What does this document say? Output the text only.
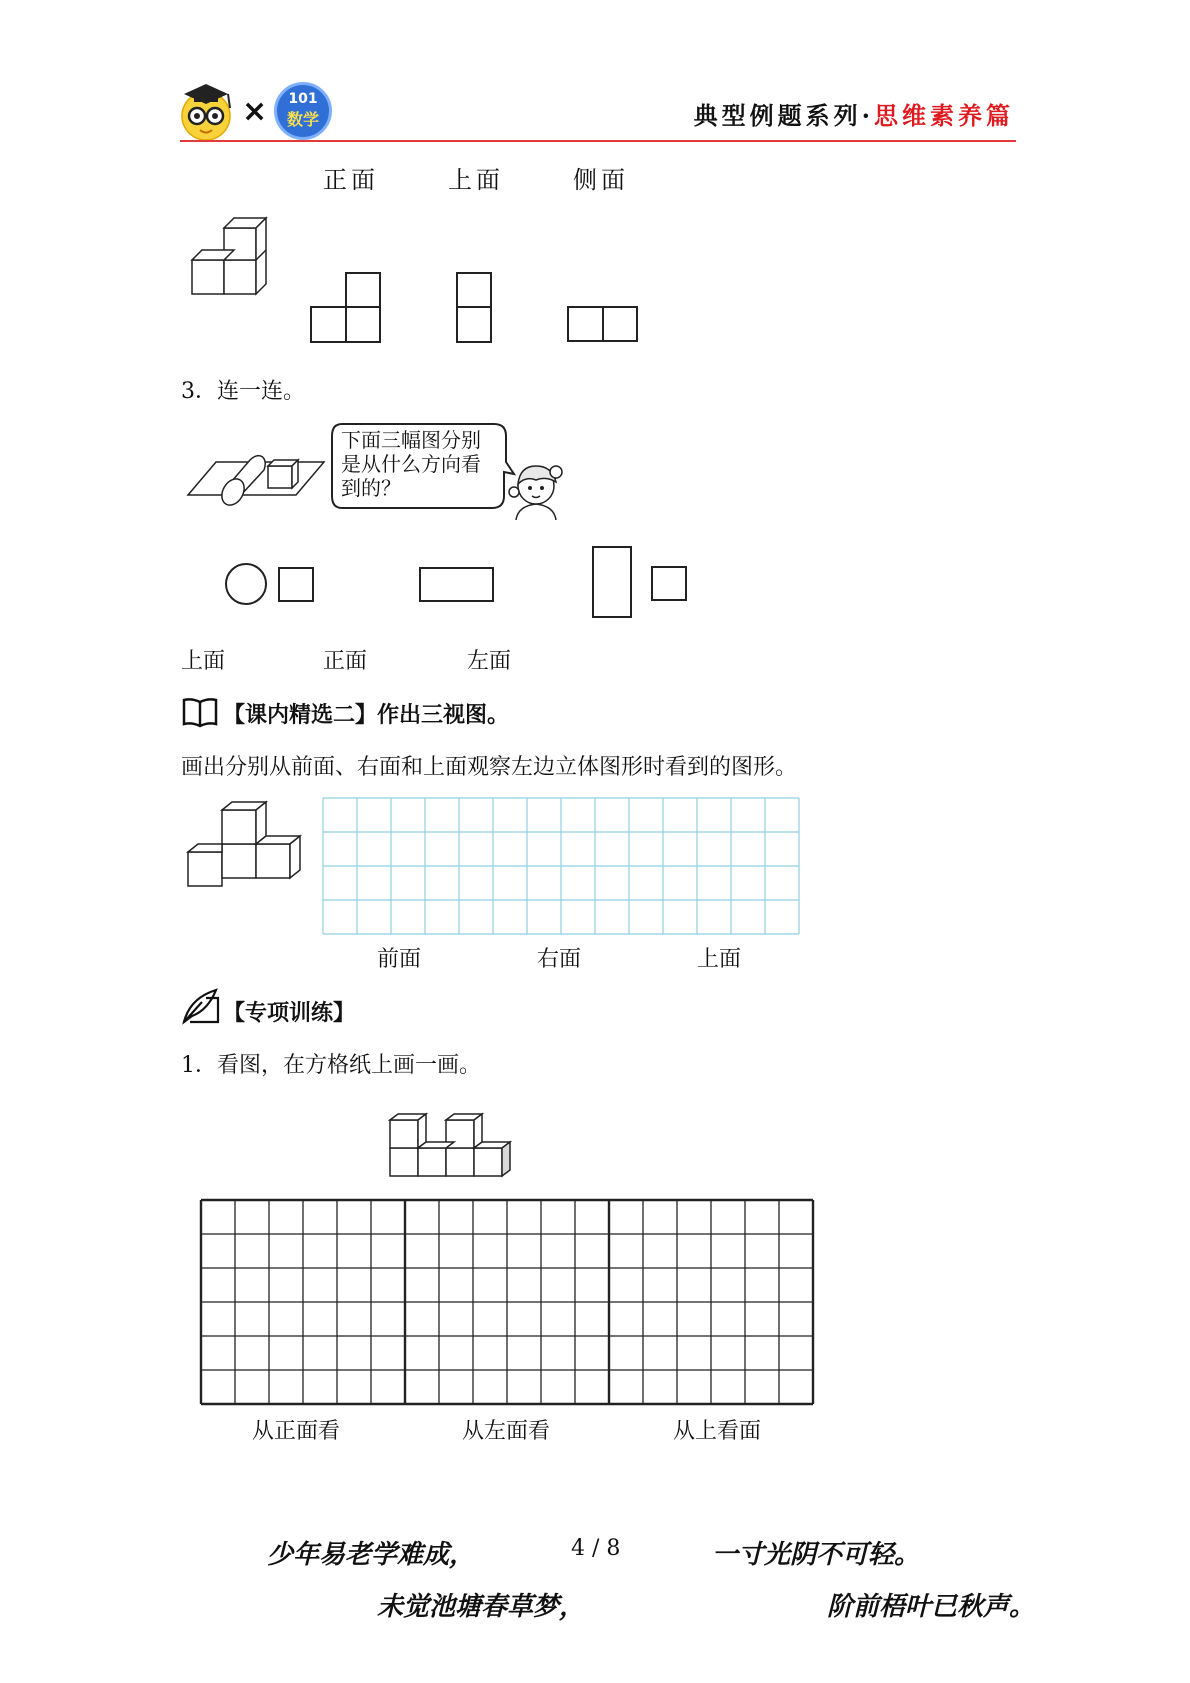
×	101
数学	典型例题系列·思维素养篇
正面	上面	侧面
3．连一连。
下面三幅图分别
是从什么方向看
到的？
上面	正面	左面
【课内精选二】作出三视图。
画出分别从前面、右面和上面观察左边立体图形时看到的图形。
前面	右面	上面
【专项训练】
1．看图，在方格纸上画一画。
从正面看	从左面看	从上看面
少年易老学难成，	4 / 8	一寸光阴不可轻。
未觉池塘春草梦，	阶前梧叶已秋声。
